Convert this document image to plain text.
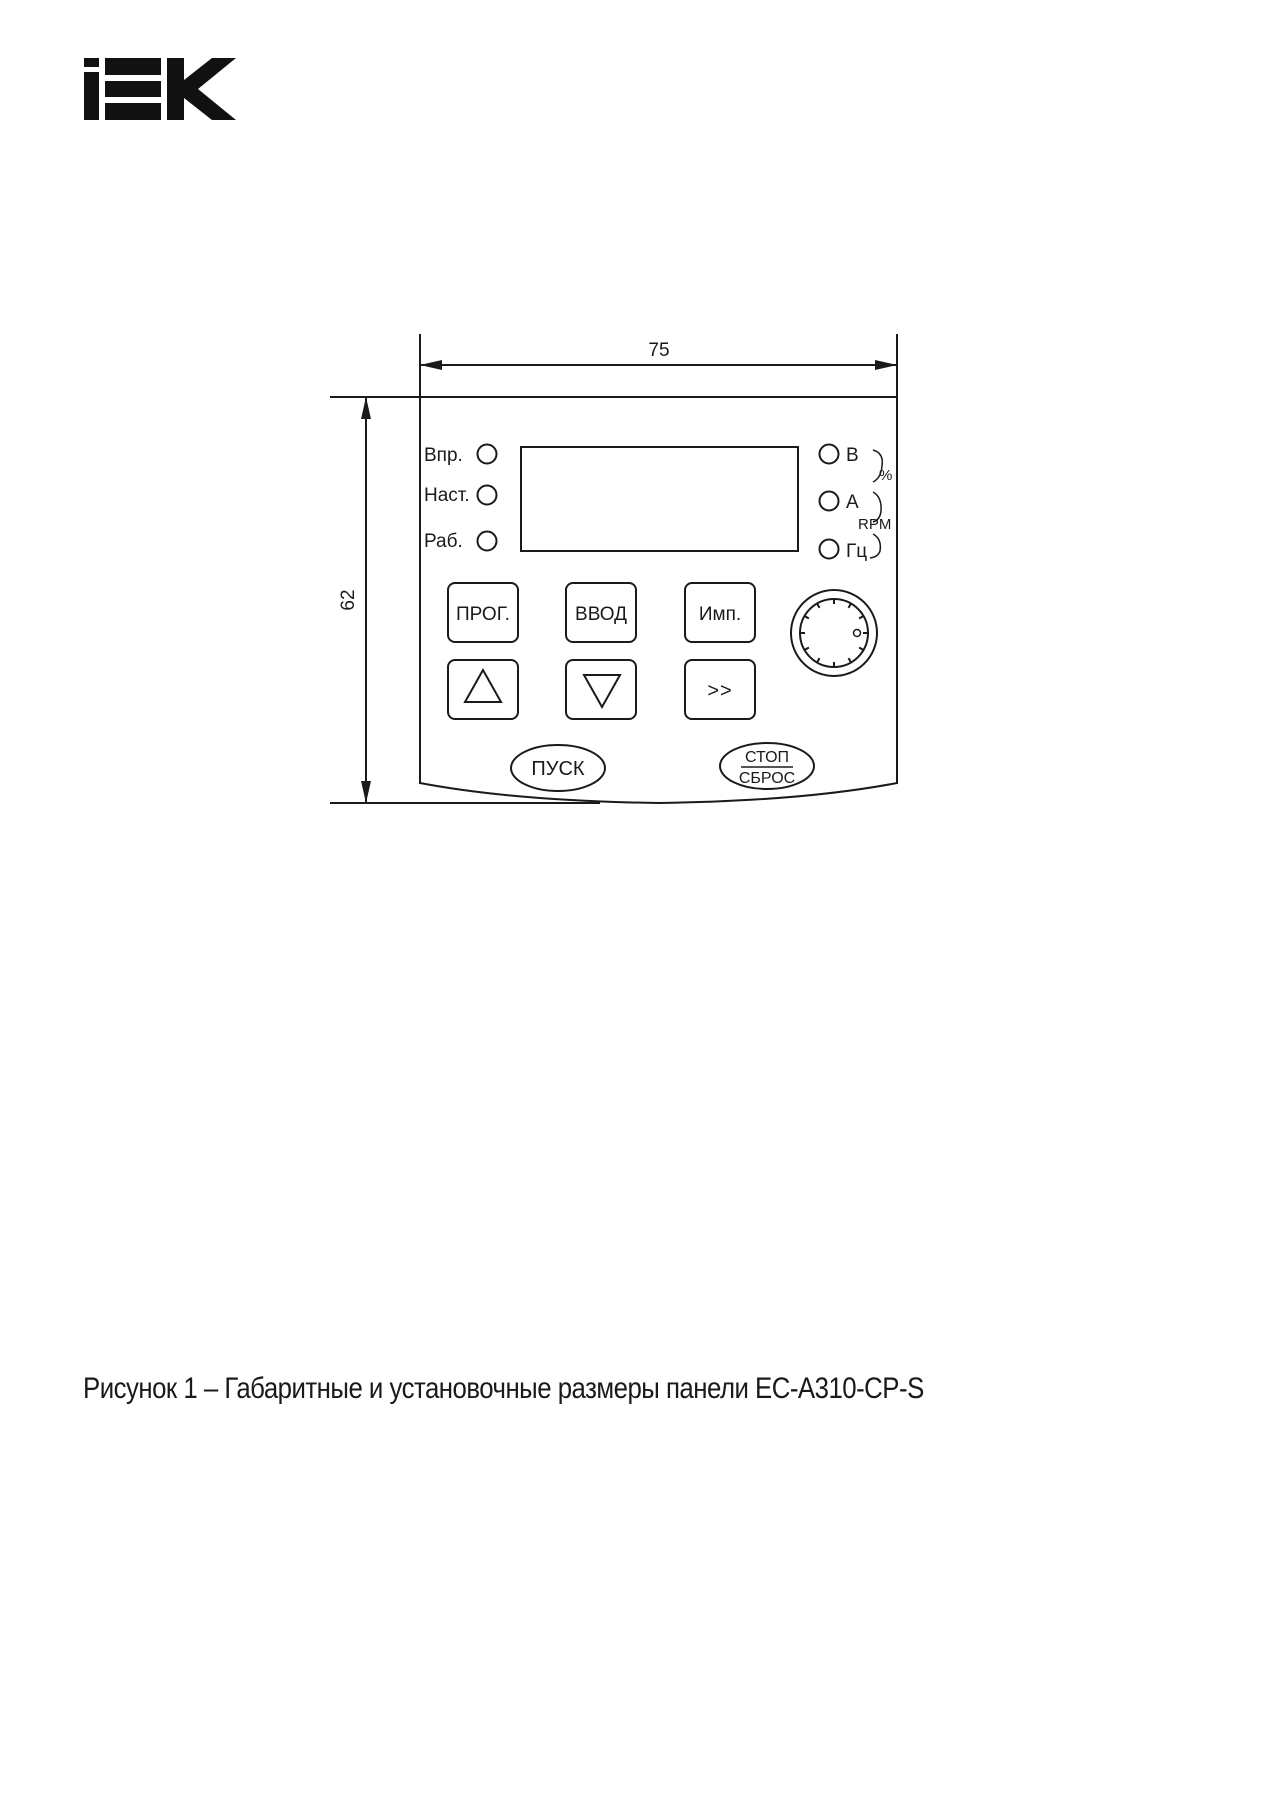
75
62
Впр.
Наст.
Раб.
В
А
Гц
%
RPM
ПРОГ.	ВВОД	Имп.
>>
ПУСК
СТОП
СБРОС
Рисунок 1 – Габаритные и установочные размеры панели EC-A310-CP-S
